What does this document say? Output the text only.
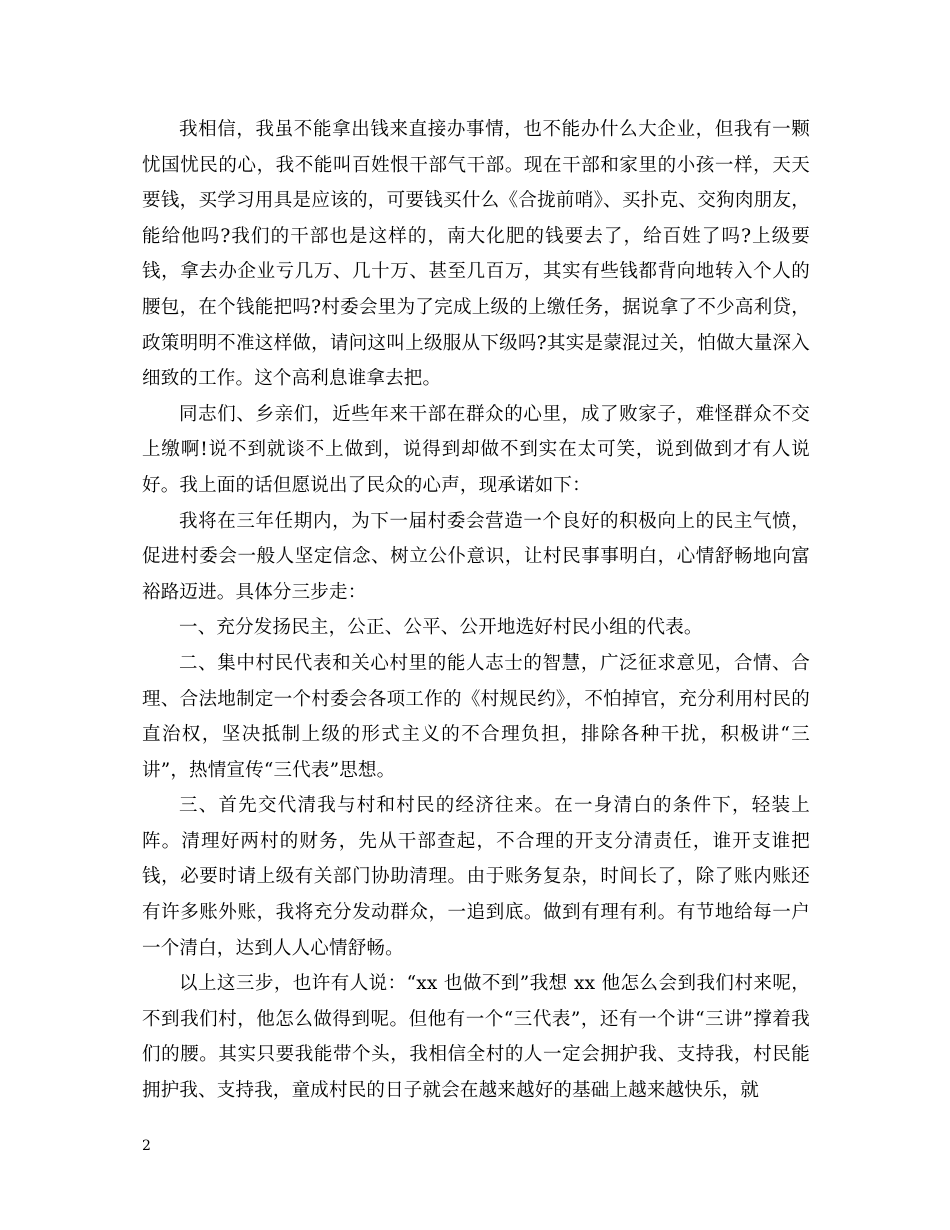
我相信，我虽不能拿出钱来直接办事情，也不能办什么大企业，但我有一颗忧国忧民的心，我不能叫百姓恨干部气干部。现在干部和家里的小孩一样，天天要钱，买学习用具是应该的，可要钱买什么《合拢前哨》、买扑克、交狗肉朋友，能给他吗?我们的干部也是这样的，南大化肥的钱要去了，给百姓了吗?上级要钱，拿去办企业亏几万、几十万、甚至几百万，其实有些钱都背向地转入个人的腰包，在个钱能把吗?村委会里为了完成上级的上缴任务，据说拿了不少高利贷，政策明明不准这样做，请问这叫上级服从下级吗?其实是蒙混过关，怕做大量深入细致的工作。这个高利息谁拿去把。

同志们、乡亲们，近些年来干部在群众的心里，成了败家子，难怪群众不交上缴啊!说不到就谈不上做到，说得到却做不到实在太可笑，说到做到才有人说好。我上面的话但愿说出了民众的心声，现承诺如下：

我将在三年任期内，为下一届村委会营造一个良好的积极向上的民主气愤，促进村委会一般人坚定信念、树立公仆意识，让村民事事明白，心情舒畅地向富裕路迈进。具体分三步走：

一、充分发扬民主，公正、公平、公开地选好村民小组的代表。

二、集中村民代表和关心村里的能人志士的智慧，广泛征求意见，合情、合理、合法地制定一个村委会各项工作的《村规民约》，不怕掉官，充分利用村民的直治权，坚决抵制上级的形式主义的不合理负担，排除各种干扰，积极讲“三讲”，热情宣传“三代表”思想。

三、首先交代清我与村和村民的经济往来。在一身清白的条件下，轻装上阵。清理好两村的财务，先从干部查起，不合理的开支分清责任，谁开支谁把钱，必要时请上级有关部门协助清理。由于账务复杂，时间长了，除了账内账还有许多账外账，我将充分发动群众，一追到底。做到有理有利。有节地给每一户一个清白，达到人人心情舒畅。

以上这三步，也许有人说：“xx 也做不到”我想 xx 他怎么会到我们村来呢，不到我们村，他怎么做得到呢。但他有一个“三代表”，还有一个讲“三讲”撑着我们的腰。其实只要我能带个头，我相信全村的人一定会拥护我、支持我，村民能拥护我、支持我，童成村民的日子就会在越来越好的基础上越来越快乐，就

2
